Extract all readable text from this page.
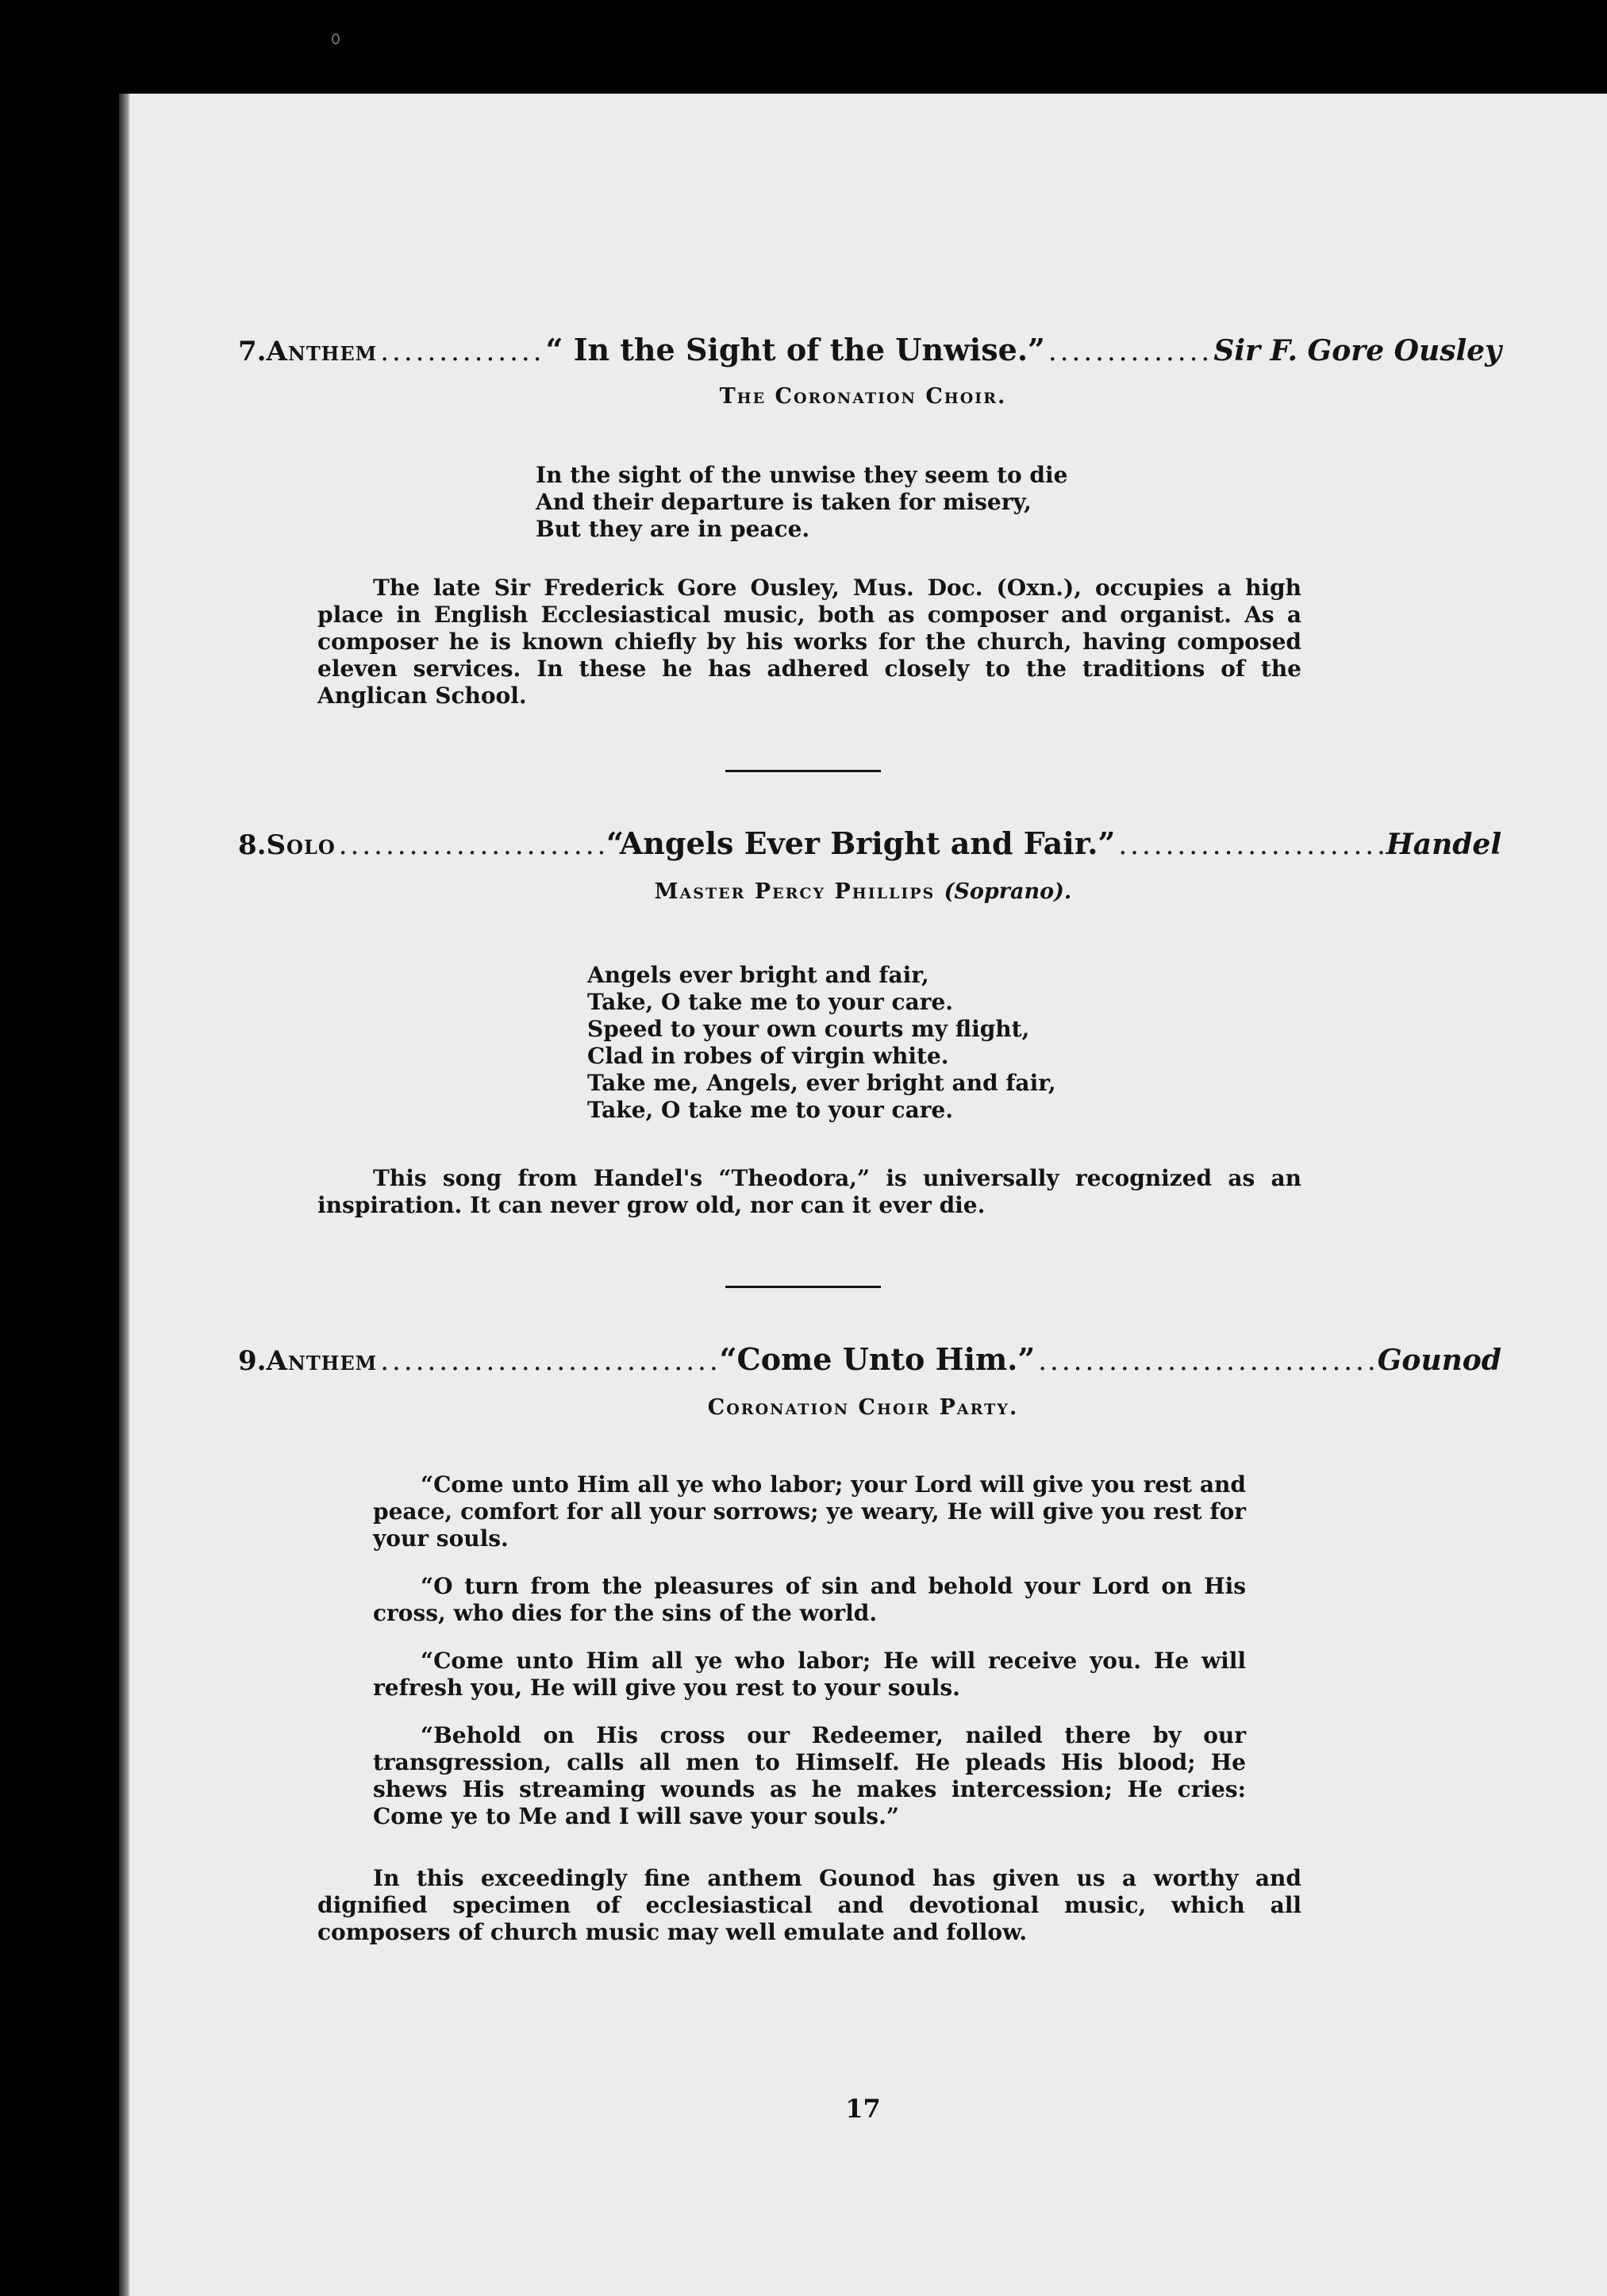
7. Anthem .....	“ In the Sight of the Unwise.” .....	Sir F. Gore Ousley
The Coronation Choir.
In the sight of the unwise they seem to die
And their departure is taken for misery,
But they are in peace.

The late Sir Frederick Gore Ousley, Mus. Doc. (Oxn.), occupies a high place in English Ecclesiastical music, both as composer and organist. As a composer he is known chiefly by his works for the church, having composed eleven services. In these he has adhered closely to the traditions of the Anglican School.

8. Solo .....	“Angels Ever Bright and Fair.” .....	Handel
Master Percy Phillips (Soprano).
Angels ever bright and fair,
Take, O take me to your care.
Speed to your own courts my flight,
Clad in robes of virgin white.
Take me, Angels, ever bright and fair,
Take, O take me to your care.

This song from Handel's “Theodora,” is universally recognized as an inspiration. It can never grow old, nor can it ever die.

9. Anthem .....	“Come Unto Him.” .....	Gounod
Coronation Choir Party.

“Come unto Him all ye who labor; your Lord will give you rest and peace, comfort for all your sorrows; ye weary, He will give you rest for your souls.

“O turn from the pleasures of sin and behold your Lord on His cross, who dies for the sins of the world.

“Come unto Him all ye who labor; He will receive you. He will refresh you, He will give you rest to your souls.

“Behold on His cross our Redeemer, nailed there by our transgression, calls all men to Himself. He pleads His blood; He shews His streaming wounds as he makes intercession; He cries: Come ye to Me and I will save your souls.”

In this exceedingly fine anthem Gounod has given us a worthy and dignified specimen of ecclesiastical and devotional music, which all composers of church music may well emulate and follow.

17
